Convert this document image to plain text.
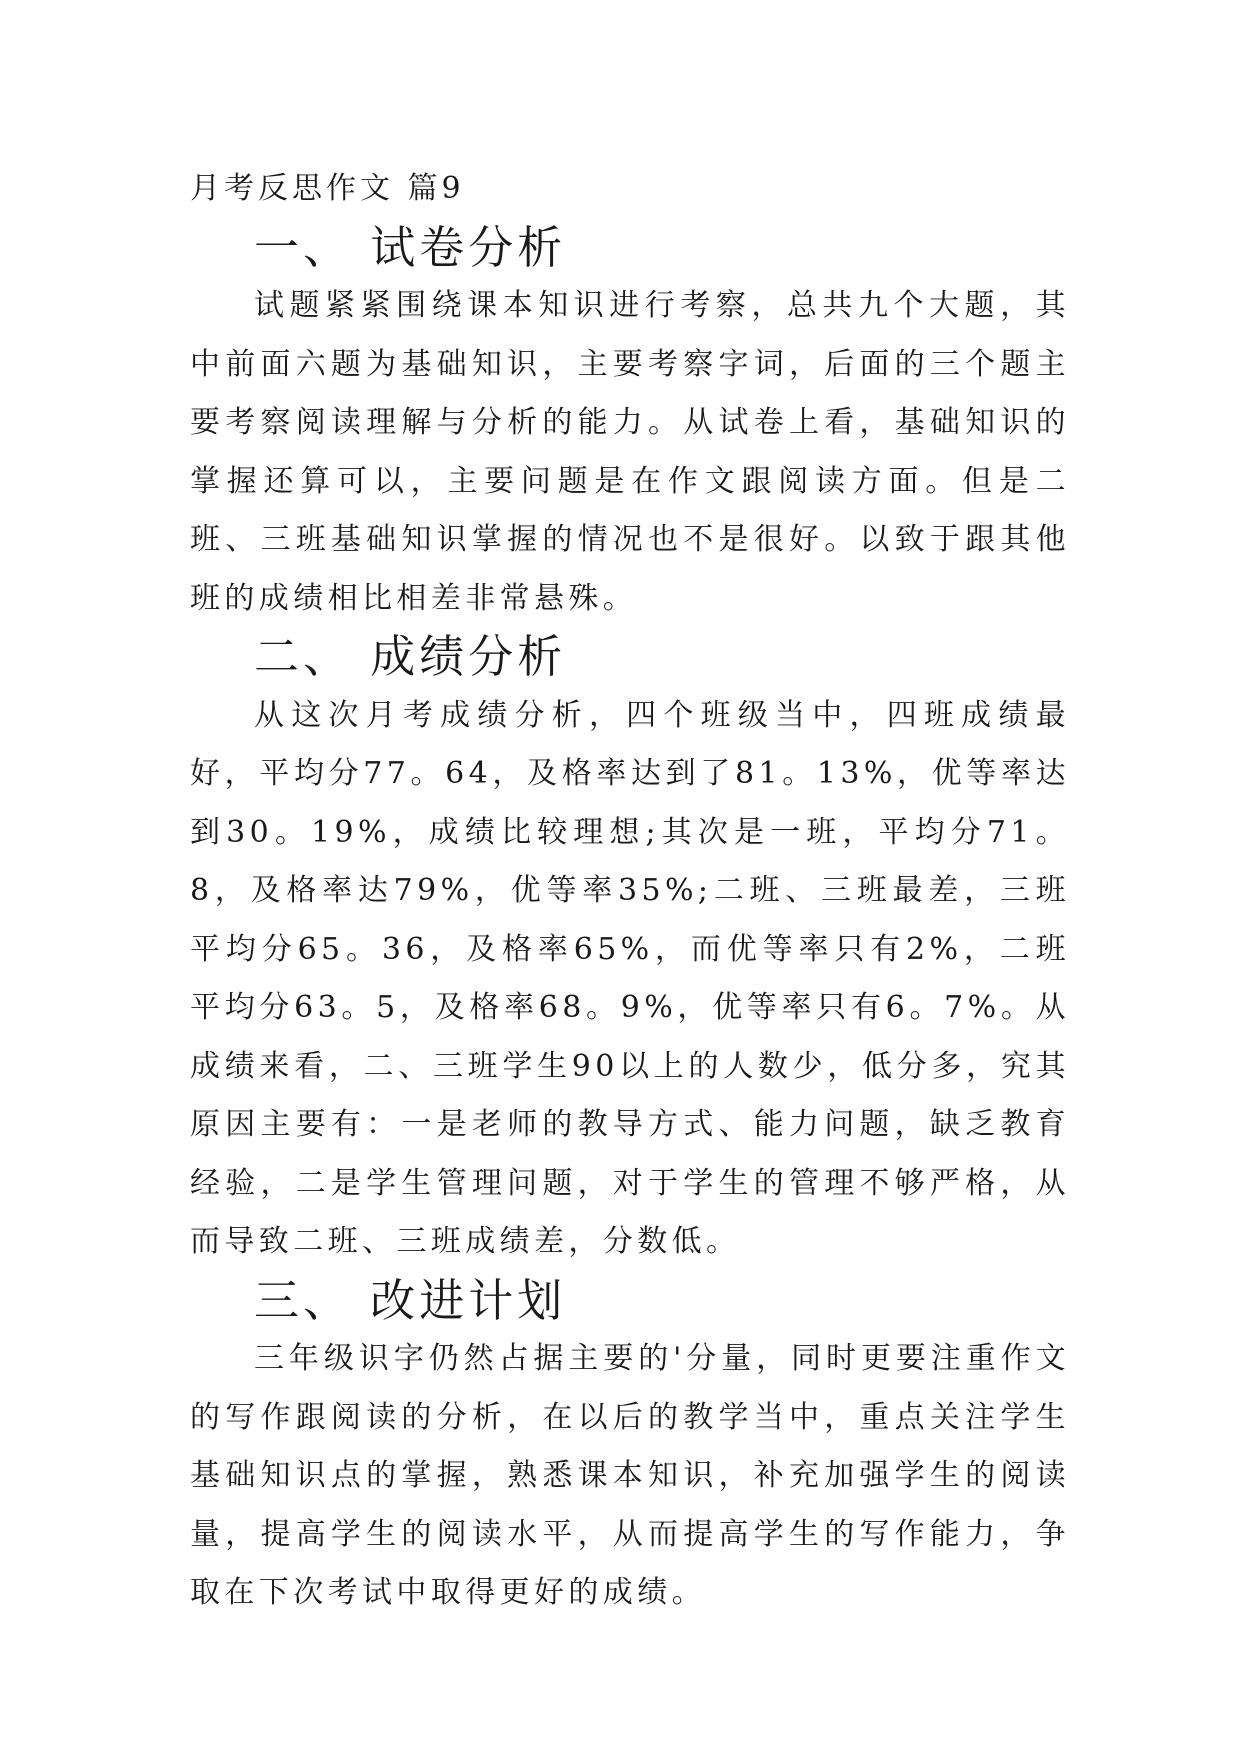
月考反思作文 篇9
一、 试卷分析

试题紧紧围绕课本知识进行考察，总共九个大题，其中前面六题为基础知识，主要考察字词，后面的三个题主要考察阅读理解与分析的能力。从试卷上看，基础知识的掌握还算可以，主要问题是在作文跟阅读方面。但是二班、三班基础知识掌握的情况也不是很好。以致于跟其他班的成绩相比相差非常悬殊。

二、 成绩分析

从这次月考成绩分析，四个班级当中，四班成绩最好，平均分77。64，及格率达到了81。13%，优等率达到30。19%，成绩比较理想;其次是一班，平均分71。8，及格率达79%，优等率35%;二班、三班最差，三班平均分65。36，及格率65%，而优等率只有2%，二班平均分63。5，及格率68。9%，优等率只有6。7%。从成绩来看，二、三班学生90以上的人数少，低分多，究其原因主要有：一是老师的教导方式、能力问题，缺乏教育经验，二是学生管理问题，对于学生的管理不够严格，从而导致二班、三班成绩差，分数低。

三、 改进计划

三年级识字仍然占据主要的'分量，同时更要注重作文的写作跟阅读的分析，在以后的教学当中，重点关注学生基础知识点的掌握，熟悉课本知识，补充加强学生的阅读量，提高学生的阅读水平，从而提高学生的写作能力，争取在下次考试中取得更好的成绩。
